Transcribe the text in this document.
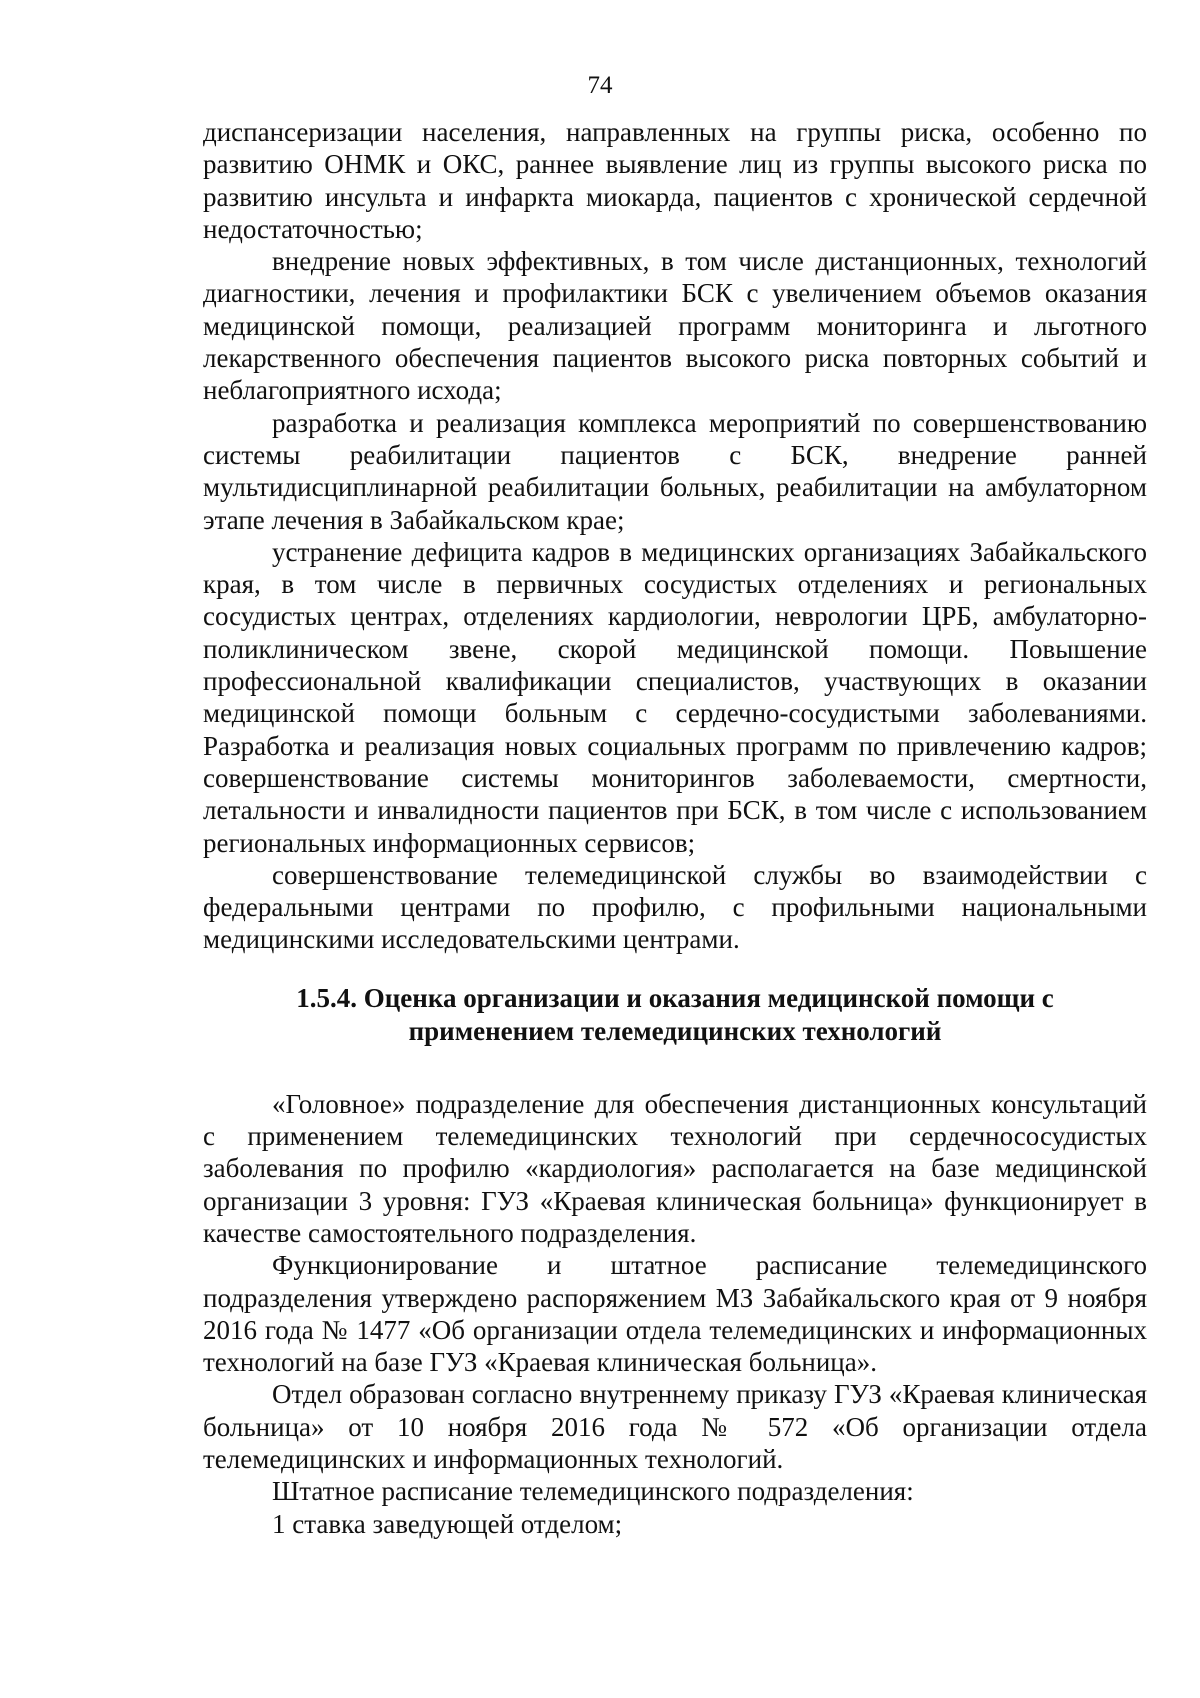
74

диспансеризации населения, направленных на группы риска, особенно по развитию ОНМК и ОКС, раннее выявление лиц из группы высокого риска по развитию инсульта и инфаркта миокарда, пациентов с хронической сердечной недостаточностью;

внедрение новых эффективных, в том числе дистанционных, технологий диагностики, лечения и профилактики БСК с увеличением объемов оказания медицинской помощи, реализацией программ мониторинга и льготного лекарственного обеспечения пациентов высокого риска повторных событий и неблагоприятного исхода;

разработка и реализация комплекса мероприятий по совершенствованию системы реабилитации пациентов с БСК, внедрение ранней мультидисциплинарной реабилитации больных, реабилитации на амбулаторном этапе лечения в Забайкальском крае;

устранение дефицита кадров в медицинских организациях Забайкальского края, в том числе в первичных сосудистых отделениях и региональных сосудистых центрах, отделениях кардиологии, неврологии ЦРБ, амбулаторно-поликлиническом звене, скорой медицинской помощи. Повышение профессиональной квалификации специалистов, участвующих в оказании медицинской помощи больным с сердечно-сосудистыми заболеваниями. Разработка и реализация новых социальных программ по привлечению кадров; совершенствование системы мониторингов заболеваемости, смертности, летальности и инвалидности пациентов при БСК, в том числе с использованием региональных информационных сервисов;

совершенствование телемедицинской службы во взаимодействии с федеральными центрами по профилю, с профильными национальными медицинскими исследовательскими центрами.

1.5.4. Оценка организации и оказания медицинской помощи с применением телемедицинских технологий

«Головное» подразделение для обеспечения дистанционных консультаций с применением телемедицинских технологий при сердечнососудистых заболевания по профилю «кардиология» располагается на базе медицинской организации 3 уровня: ГУЗ «Краевая клиническая больница» функционирует в качестве самостоятельного подразделения.

Функционирование и штатное расписание телемедицинского подразделения утверждено распоряжением МЗ Забайкальского края от 9 ноября 2016 года № 1477 «Об организации отдела телемедицинских и информационных технологий на базе ГУЗ «Краевая клиническая больница».

Отдел образован согласно внутреннему приказу ГУЗ «Краевая клиническая больница» от 10 ноября 2016 года № 572 «Об организации отдела телемедицинских и информационных технологий.

Штатное расписание телемедицинского подразделения:

1 ставка заведующей отделом;
